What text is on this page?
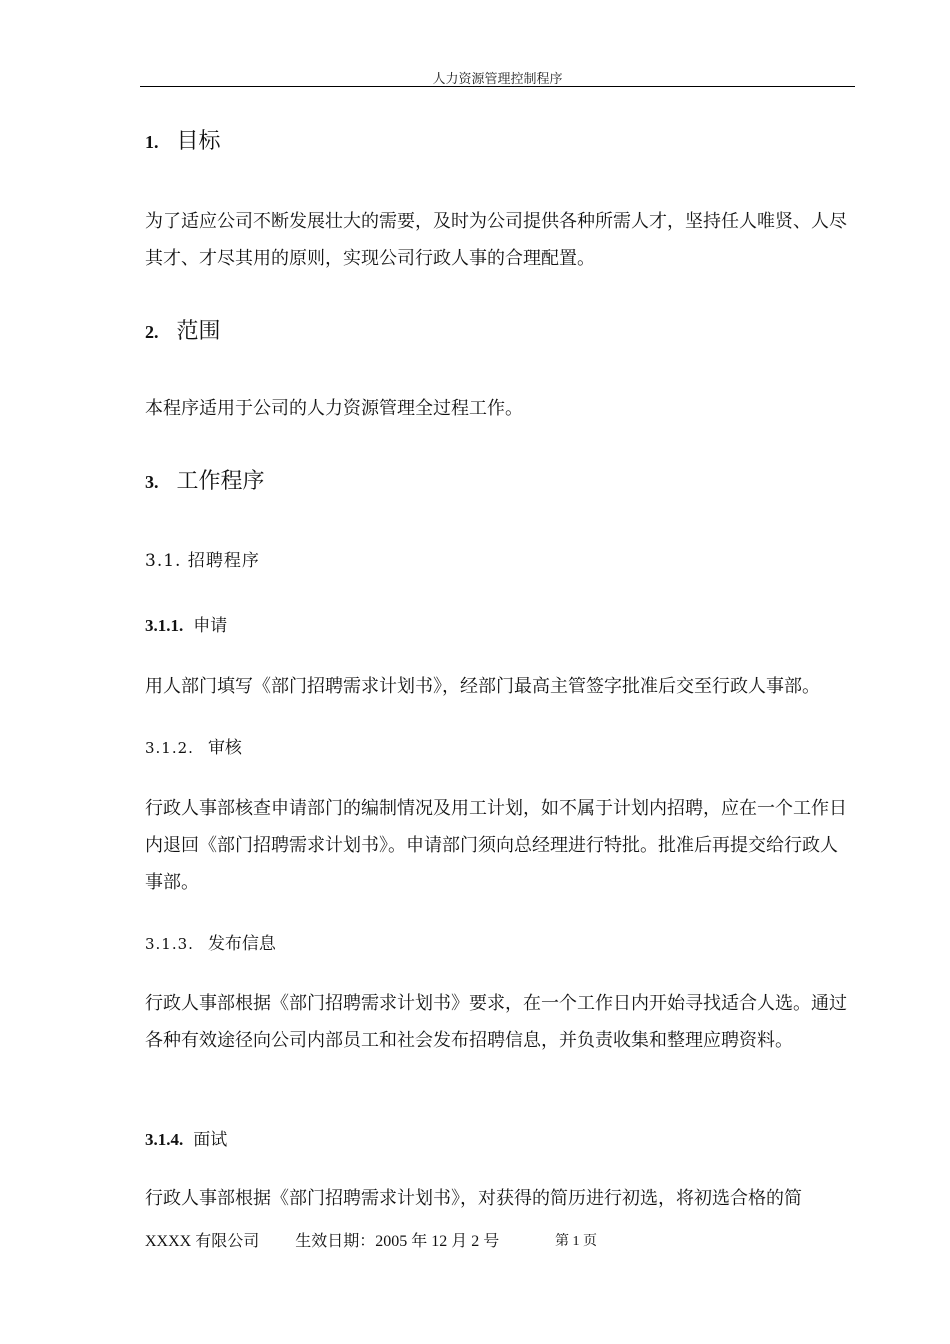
人力资源管理控制程序
1. 目标

为了适应公司不断发展壮大的需要，及时为公司提供各种所需人才，坚持任人唯贤、人尽其才、才尽其用的原则，实现公司行政人事的合理配置。

2. 范围

本程序适用于公司的人力资源管理全过程工作。

3. 工作程序
3.1. 招聘程序
3.1.1. 申请

用人部门填写《部门招聘需求计划书》，经部门最高主管签字批准后交至行政人事部。

3.1.2. 审核

行政人事部核查申请部门的编制情况及用工计划，如不属于计划内招聘，应在一个工作日内退回《部门招聘需求计划书》。申请部门须向总经理进行特批。批准后再提交给行政人事部。

3.1.3. 发布信息

行政人事部根据《部门招聘需求计划书》要求，在一个工作日内开始寻找适合人选。通过各种有效途径向公司内部员工和社会发布招聘信息，并负责收集和整理应聘资料。

3.1.4. 面试

行政人事部根据《部门招聘需求计划书》，对获得的简历进行初选，将初选合格的简

XXXX 有限公司 生效日期：2005 年 12 月 2 号	第 1 页
